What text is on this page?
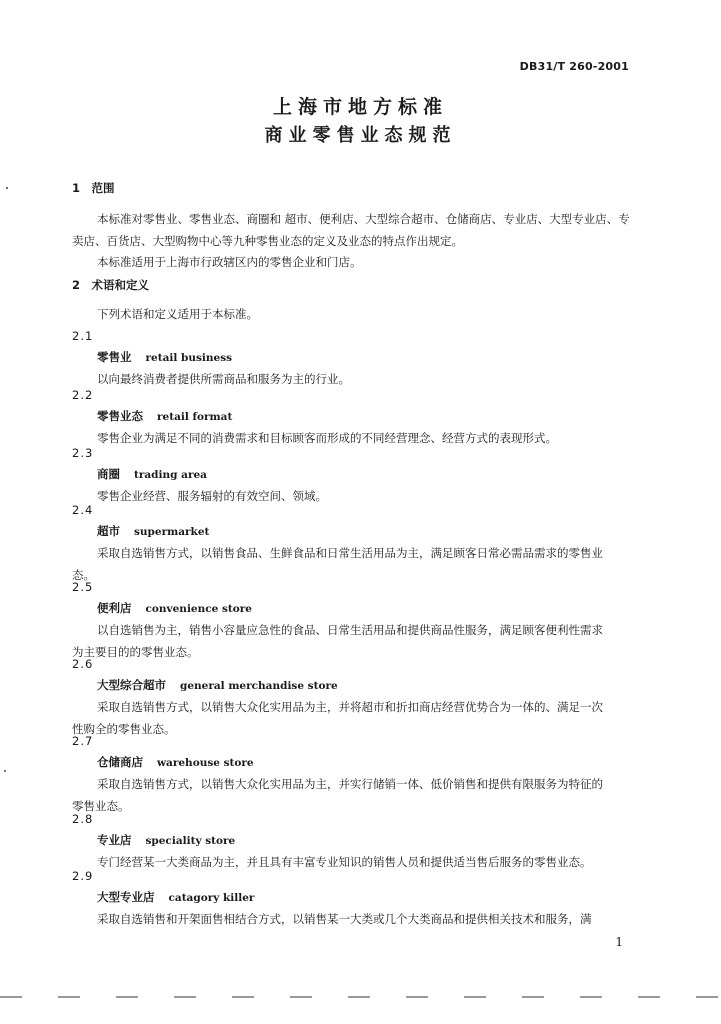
DB31/T 260-2001
上海市地方标准
商业零售业态规范
1　范围
本标准对零售业、零售业态、商圈和 超市、便利店、大型综合超市、仓储商店、专业店、大型专业店、专
卖店、百货店、大型购物中心等九种零售业态的定义及业态的特点作出规定。
本标准适用于上海市行政辖区内的零售企业和门店。
2　术语和定义
下列术语和定义适用于本标准。
2.1
零售业 retail business
以向最终消费者提供所需商品和服务为主的行业。
2.2
零售业态 retail format
零售企业为满足不同的消费需求和目标顾客而形成的不同经营理念、经营方式的表现形式。
2.3
商圈 trading area
零售企业经营、服务辐射的有效空间、领域。
2.4
超市 supermarket
采取自选销售方式，以销售食品、生鲜食品和日常生活用品为主，满足顾客日常必需品需求的零售业
态。
2.5
便利店 convenience store
以自选销售为主，销售小容量应急性的食品、日常生活用品和提供商品性服务，满足顾客便利性需求
为主要目的的零售业态。
2.6
大型综合超市 general merchandise store
采取自选销售方式，以销售大众化实用品为主，并将超市和折扣商店经营优势合为一体的、满足一次
性购全的零售业态。
2.7
仓储商店 warehouse store
采取自选销售方式，以销售大众化实用品为主，并实行储销一体、低价销售和提供有限服务为特征的
零售业态。
2.8
专业店 speciality store
专门经营某一大类商品为主，并且具有丰富专业知识的销售人员和提供适当售后服务的零售业态。
2.9
大型专业店 catagory killer
采取自选销售和开架面售相结合方式，以销售某一大类或几个大类商品和提供相关技术和服务，满
1
